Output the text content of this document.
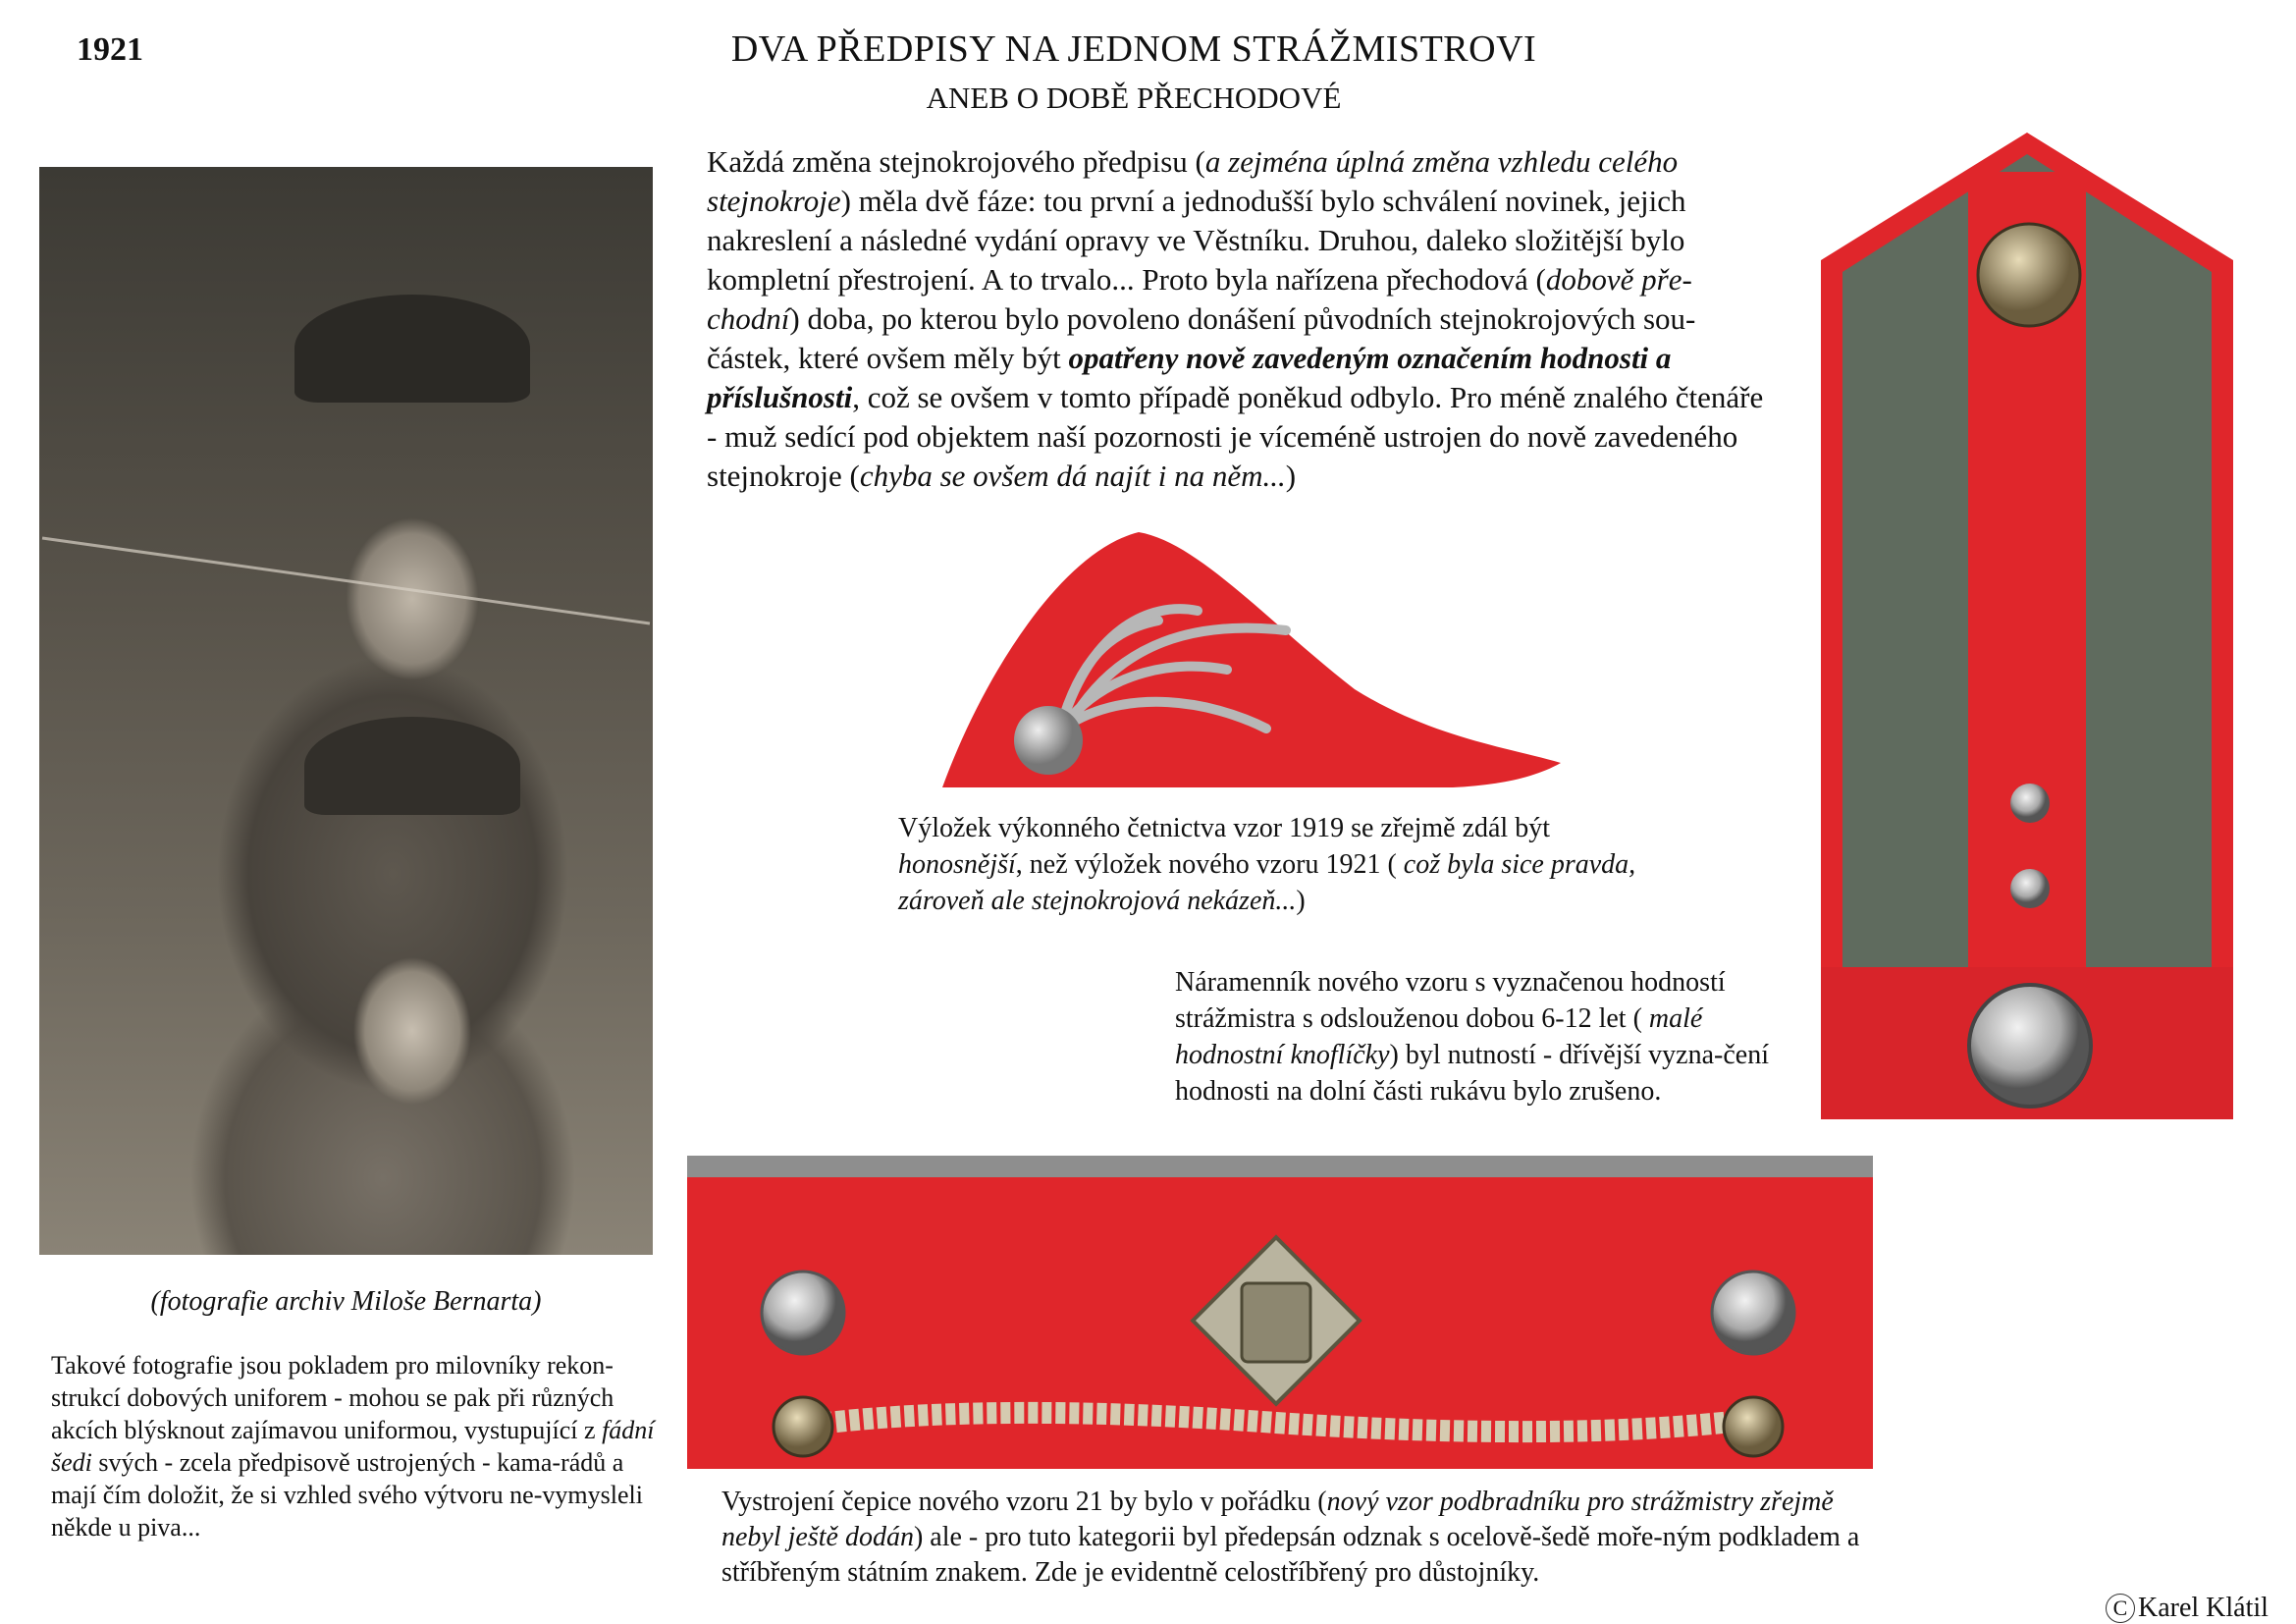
1921	DVA PŘEDPISY NA JEDNOM STRÁŽMISTROVI
ANEB O DOBĚ PŘECHODOVÉ
(fotografie archiv Miloše Bernarta)
Takové fotografie jsou pokladem pro milovníky rekon-strukcí dobových uniforem - mohou se pak při různých akcích blýsknout zajímavou uniformou, vystupující z fádní šedi svých - zcela předpisově ustrojených - kama-rádů a mají čím doložit, že si vzhled svého výtvoru ne-vymysleli někde u piva...
Každá změna stejnokrojového předpisu (a zejména úplná změna vzhledu celého stejnokroje) měla dvě fáze: tou první a jednodušší bylo schválení novinek, jejich nakreslení a následné vydání opravy ve Věstníku. Druhou, daleko složitější bylo kompletní přestrojení. A to trvalo... Proto byla nařízena přechodová (dobově pře-chodní) doba, po kterou bylo povoleno donášení původních stejnokrojových sou-částek, které ovšem měly být opatřeny nově zavedeným označením hodnosti a příslušnosti, což se ovšem v tomto případě poněkud odbylo. Pro méně znalého čtenáře - muž sedící pod objektem naší pozornosti je víceméně ustrojen do nově zavedeného stejnokroje (chyba se ovšem dá najít i na něm...)
Výložek výkonného četnictva vzor 1919 se zřejmě zdál být honosnější, než výložek nového vzoru 1921 ( což byla sice pravda, zároveň ale stejnokrojová nekázeň...)
Náramenník nového vzoru s vyznačenou hodností strážmistra s odslouženou dobou 6-12 let ( malé hodnostní knoflíčky) byl nutností - dřívější vyzna-čení hodnosti na dolní části rukávu bylo zrušeno.
Vystrojení čepice nového vzoru 21 by bylo v pořádku (nový vzor podbradníku pro strážmistry zřejmě nebyl ještě dodán) ale - pro tuto kategorii byl předepsán odznak s ocelově-šedě moře-ným podkladem a stříbřeným státním znakem. Zde je evidentně celostříbřený pro důstojníky.
C Karel Klátil
